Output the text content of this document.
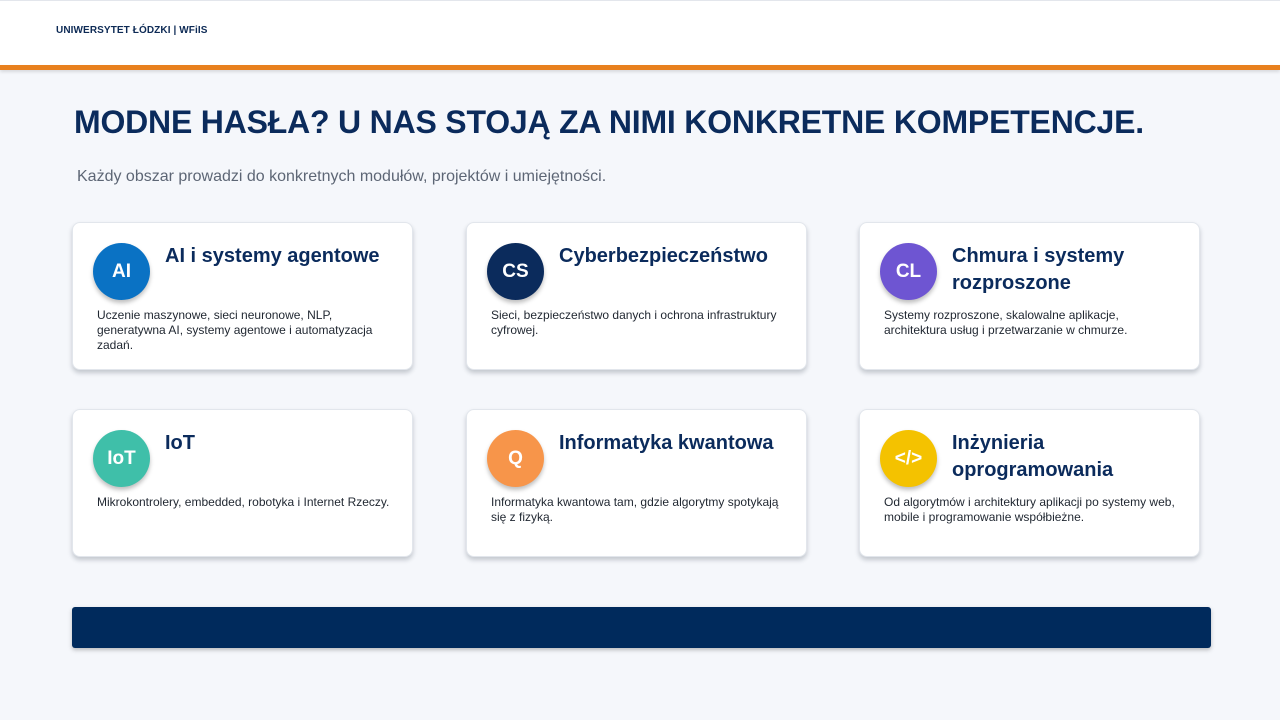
UNIWERSYTET ŁÓDZKI | WFiIS
MODNE HASŁA? U NAS STOJĄ ZA NIMI KONKRETNE KOMPETENCJE.

Każdy obszar prowadzi do konkretnych modułów, projektów i umiejętności.

AI
AI i systemy agentowe

Uczenie maszynowe, sieci neuronowe, NLP, generatywna AI, systemy agentowe i automatyzacja zadań.

CS
Cyberbezpieczeństwo

Sieci, bezpieczeństwo danych i ochrona infrastruktury cyfrowej.

CL
Chmura i systemy rozproszone

Systemy rozproszone, skalowalne aplikacje, architektura usług i przetwarzanie w chmurze.

IoT
IoT

Mikrokontrolery, embedded, robotyka i Internet Rzeczy.

Q
Informatyka kwantowa

Informatyka kwantowa tam, gdzie algorytmy spotykają się z fizyką.

</>
Inżynieria oprogramowania

Od algorytmów i architektury aplikacji po systemy web, mobile i programowanie współbieżne.
